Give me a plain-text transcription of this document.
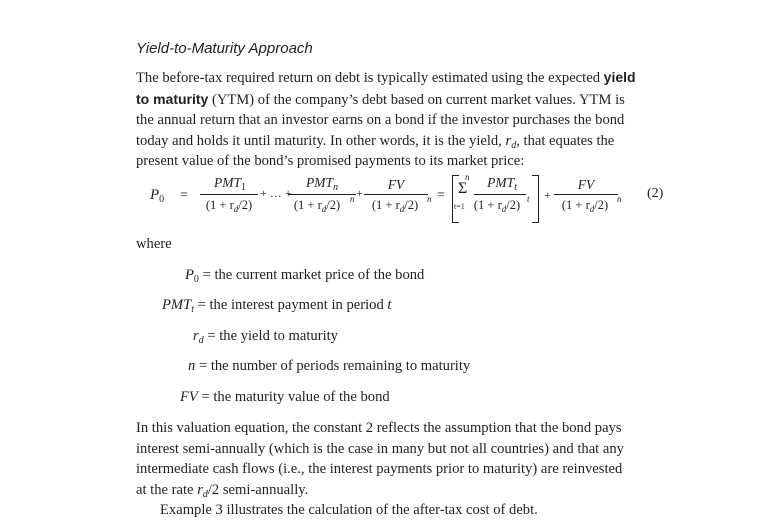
Yield-to-Maturity Approach
The before-tax required return on debt is typically estimated using the expected yield
to maturity (YTM) of the company’s debt based on current market values. YTM is
the annual return that an investor earns on a bond if the investor purchases the bond
today and holds it until maturity. In other words, it is the yield, $r_d$, that equates the
present value of the bond’s promised payments to its market price:
$P_0$ =
$PMT_1$
$(1 + r_d/2)$
+ … +
$PMT_n$
$(1 + r_d/2)$	n +
FV
$(1 + r_d/2)$ n =
n
Σ
t=1
$PMT_t$
$(1 + r_d/2)$ t +
FV
$(1 + r_d/2)$ n (2)
where
$P_0$ = the current market price of the bond
$PMT_t$ = the interest payment in period t
$r_d$ = the yield to maturity
n = the number of periods remaining to maturity
FV = the maturity value of the bond
In this valuation equation, the constant 2 reflects the assumption that the bond pays
interest semi-annually (which is the case in many but not all countries) and that any
intermediate cash flows (i.e., the interest payments prior to maturity) are reinvested
at the rate $r_d/2$ semi-annually.
Example 3 illustrates the calculation of the after-tax cost of debt.
